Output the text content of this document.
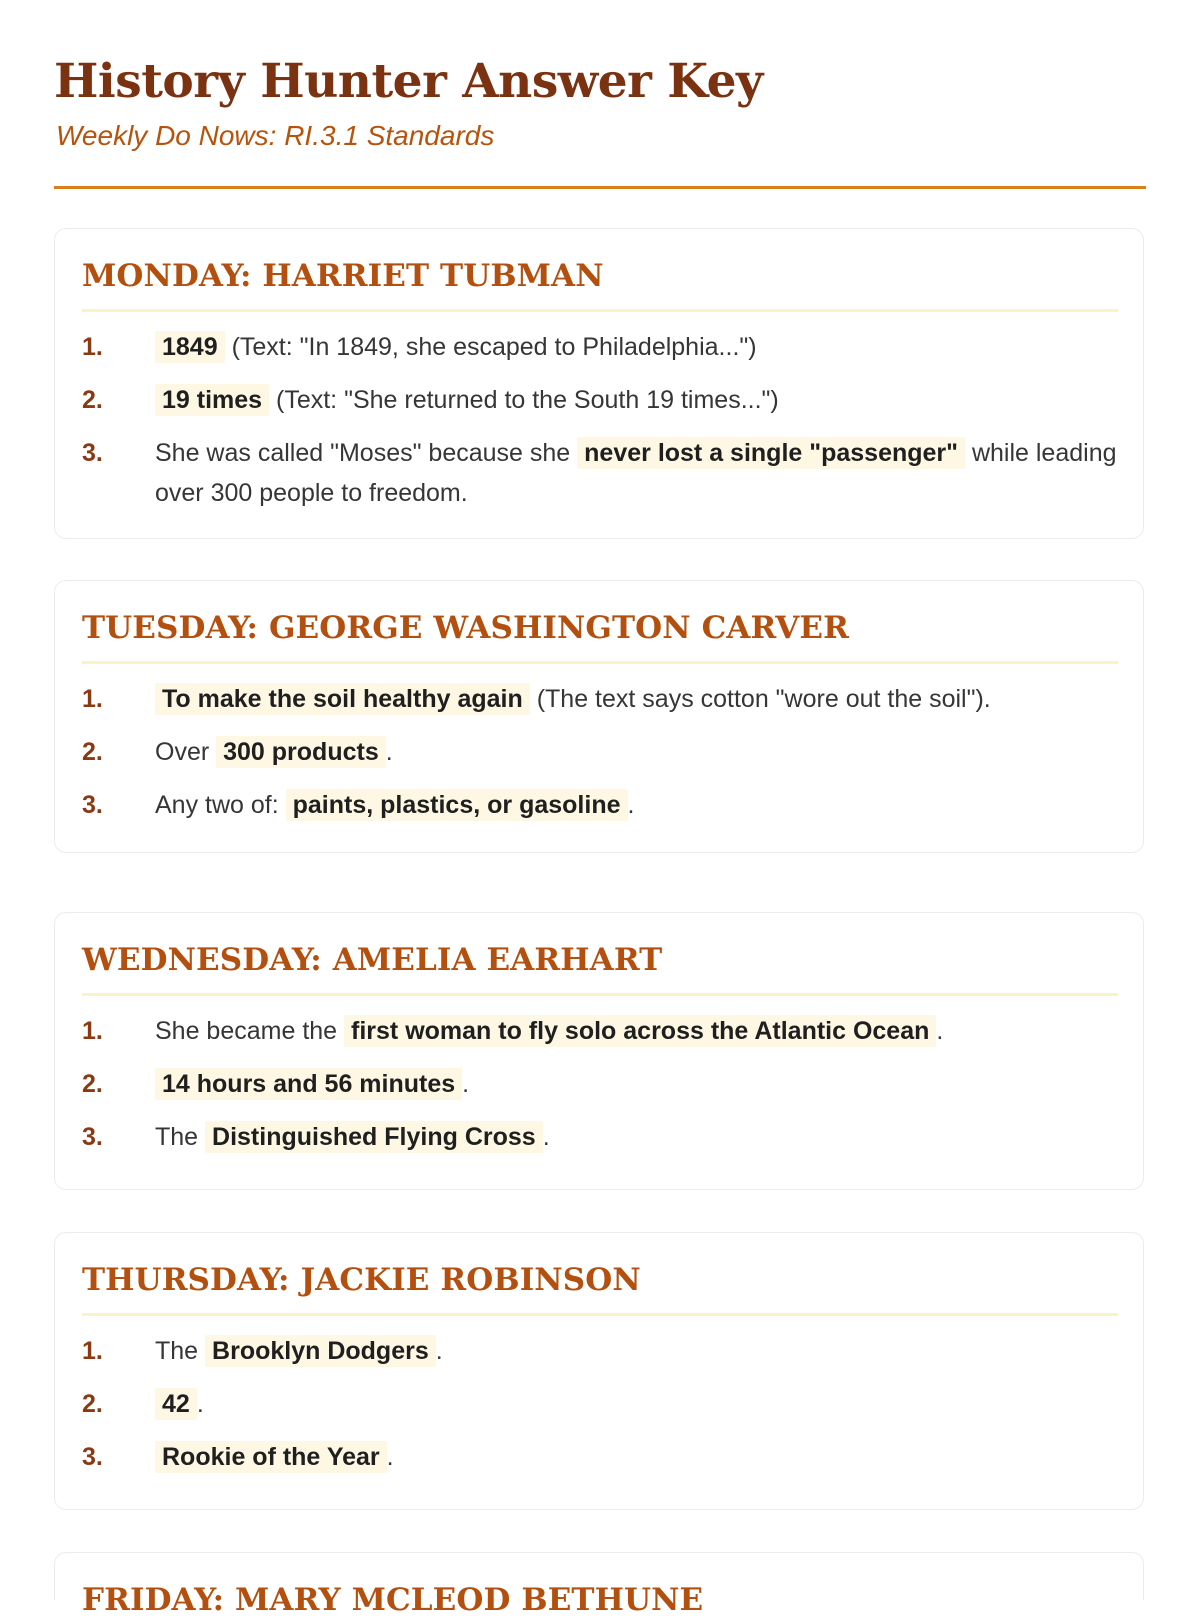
History Hunter Answer Key
Weekly Do Nows: RI.3.1 Standards
MONDAY: HARRIET TUBMAN
1. 1849 (Text: "In 1849, she escaped to Philadelphia...")
2. 19 times (Text: "She returned to the South 19 times...")
3. She was called "Moses" because she never lost a single "passenger" while leading over 300 people to freedom.
TUESDAY: GEORGE WASHINGTON CARVER
1. To make the soil healthy again (The text says cotton "wore out the soil").
2. Over 300 products .
3. Any two of: paints, plastics, or gasoline .
WEDNESDAY: AMELIA EARHART
1. She became the first woman to fly solo across the Atlantic Ocean .
2. 14 hours and 56 minutes .
3. The Distinguished Flying Cross .
THURSDAY: JACKIE ROBINSON
1. The Brooklyn Dodgers .
2. 42 .
3. Rookie of the Year .
FRIDAY: MARY MCLEOD BETHUNE
